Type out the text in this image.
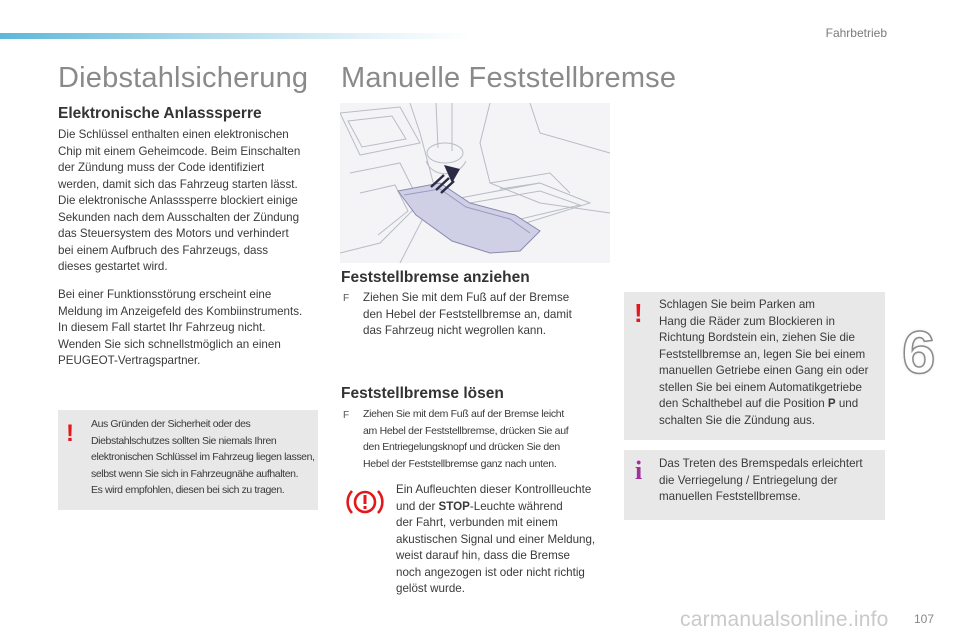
Fahrbetrieb
Diebstahlsicherung
Elektronische Anlasssperre
Die Schlüssel enthalten einen elektronischen
Chip mit einem Geheimcode. Beim Einschalten
der Zündung muss der Code identifiziert
werden, damit sich das Fahrzeug starten lässt.
Die elektronische Anlasssperre blockiert einige
Sekunden nach dem Ausschalten der Zündung
das Steuersystem des Motors und verhindert
bei einem Aufbruch des Fahrzeugs, dass
dieses gestartet wird.
Bei einer Funktionsstörung erscheint eine
Meldung im Anzeigefeld des Kombiinstruments.
In diesem Fall startet Ihr Fahrzeug nicht.
Wenden Sie sich schnellstmöglich an einen
PEUGEOT-Vertragspartner.
! Aus Gründen der Sicherheit oder des
Diebstahlschutzes sollten Sie niemals Ihren
elektronischen Schlüssel im Fahrzeug liegen lassen,
selbst wenn Sie sich in Fahrzeugnähe aufhalten.
Es wird empfohlen, diesen bei sich zu tragen.
Manuelle Feststellbremse
Feststellbremse anziehen
F Ziehen Sie mit dem Fuß auf der Bremse
den Hebel der Feststellbremse an, damit
das Fahrzeug nicht wegrollen kann.
Feststellbremse lösen
F Ziehen Sie mit dem Fuß auf der Bremse leicht
am Hebel der Feststellbremse, drücken Sie auf
den Entriegelungsknopf und drücken Sie den
Hebel der Feststellbremse ganz nach unten.
Ein Aufleuchten dieser Kontrollleuchte
und der STOP-Leuchte während
der Fahrt, verbunden mit einem
akustischen Signal und einer Meldung,
weist darauf hin, dass die Bremse
noch angezogen ist oder nicht richtig
gelöst wurde.
! Schlagen Sie beim Parken am
Hang die Räder zum Blockieren in
Richtung Bordstein ein, ziehen Sie die
Feststellbremse an, legen Sie bei einem
manuellen Getriebe einen Gang ein oder
stellen Sie bei einem Automatikgetriebe
den Schalthebel auf die Position P und
schalten Sie die Zündung aus.
i Das Treten des Bremspedals erleichtert
die Verriegelung / Entriegelung der
manuellen Feststellbremse.
6
carmanualsonline.info 107
